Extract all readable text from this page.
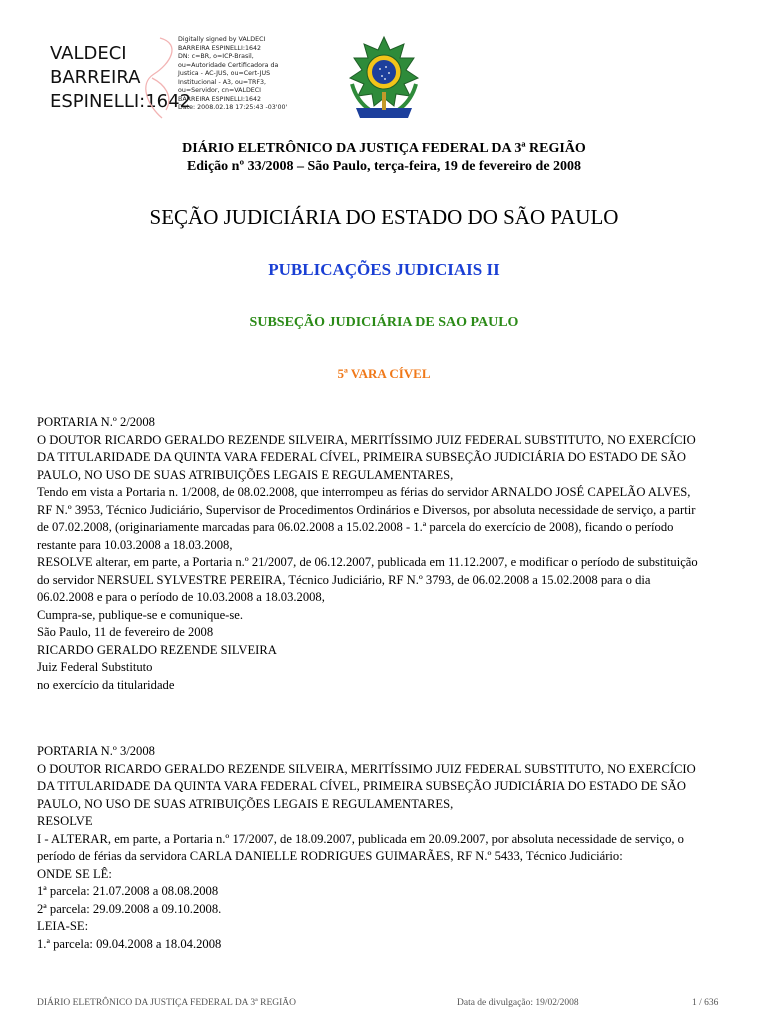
VALDECI
BARREIRA
ESPINELLI:1642
Digitally signed by VALDECI
BARREIRA ESPINELLI:1642
DN: c=BR, o=ICP-Brasil,
ou=Autoridade Certificadora da
Justica - AC-JUS, ou=Cert-JUS
Institucional - A3, ou=TRF3,
ou=Servidor, cn=VALDECI
BARREIRA ESPINELLI:1642
Date: 2008.02.18 17:25:43 -03'00'
DIÁRIO ELETRÔNICO DA JUSTIÇA FEDERAL DA 3ª REGIÃO
Edição nº 33/2008 – São Paulo, terça-feira, 19 de fevereiro de 2008
SEÇÃO JUDICIÁRIA DO ESTADO DO SÃO PAULO
PUBLICAÇÕES JUDICIAIS II
SUBSEÇÃO JUDICIÁRIA DE SAO PAULO
5ª VARA CÍVEL
PORTARIA N.º 2/2008
O DOUTOR RICARDO GERALDO REZENDE SILVEIRA, MERITÍSSIMO JUIZ FEDERAL SUBSTITUTO, NO EXERCÍCIO
DA TITULARIDADE DA QUINTA VARA FEDERAL CÍVEL, PRIMEIRA SUBSEÇÃO JUDICIÁRIA DO ESTADO DE SÃO
PAULO, NO USO DE SUAS ATRIBUIÇÕES LEGAIS E REGULAMENTARES,
Tendo em vista a Portaria n. 1/2008, de 08.02.2008, que interrompeu as férias do servidor ARNALDO JOSÉ CAPELÃO ALVES,
RF N.º 3953, Técnico Judiciário, Supervisor de Procedimentos Ordinários e Diversos, por absoluta necessidade de serviço, a partir
de 07.02.2008, (originariamente marcadas para 06.02.2008 a 15.02.2008 - 1.ª parcela do exercício de 2008), ficando o período
restante para 10.03.2008 a 18.03.2008,
RESOLVE alterar, em parte, a Portaria n.º 21/2007, de 06.12.2007, publicada em 11.12.2007, e modificar o período de substituição
do servidor NERSUEL SYLVESTRE PEREIRA, Técnico Judiciário, RF N.º 3793, de 06.02.2008 a 15.02.2008 para o dia
06.02.2008 e para o período de 10.03.2008 a 18.03.2008,
Cumpra-se, publique-se e comunique-se.
São Paulo, 11 de fevereiro de 2008
RICARDO GERALDO REZENDE SILVEIRA
Juiz Federal Substituto
no exercício da titularidade
PORTARIA N.º 3/2008
O DOUTOR RICARDO GERALDO REZENDE SILVEIRA, MERITÍSSIMO JUIZ FEDERAL SUBSTITUTO, NO EXERCÍCIO
DA TITULARIDADE DA QUINTA VARA FEDERAL CÍVEL, PRIMEIRA SUBSEÇÃO JUDICIÁRIA DO ESTADO DE SÃO
PAULO, NO USO DE SUAS ATRIBUIÇÕES LEGAIS E REGULAMENTARES,
RESOLVE
I - ALTERAR, em parte, a Portaria n.º 17/2007, de 18.09.2007, publicada em 20.09.2007, por absoluta necessidade de serviço, o
período de férias da servidora CARLA DANIELLE RODRIGUES GUIMARÃES, RF N.º 5433, Técnico Judiciário:
ONDE SE LÊ:
1ª parcela: 21.07.2008 a 08.08.2008
2ª parcela: 29.09.2008 a 09.10.2008.
LEIA-SE:
1.ª parcela: 09.04.2008 a 18.04.2008
DIÁRIO ELETRÔNICO DA JUSTIÇA FEDERAL DA 3ª REGIÃO	Data de divulgação: 19/02/2008	1 / 636
